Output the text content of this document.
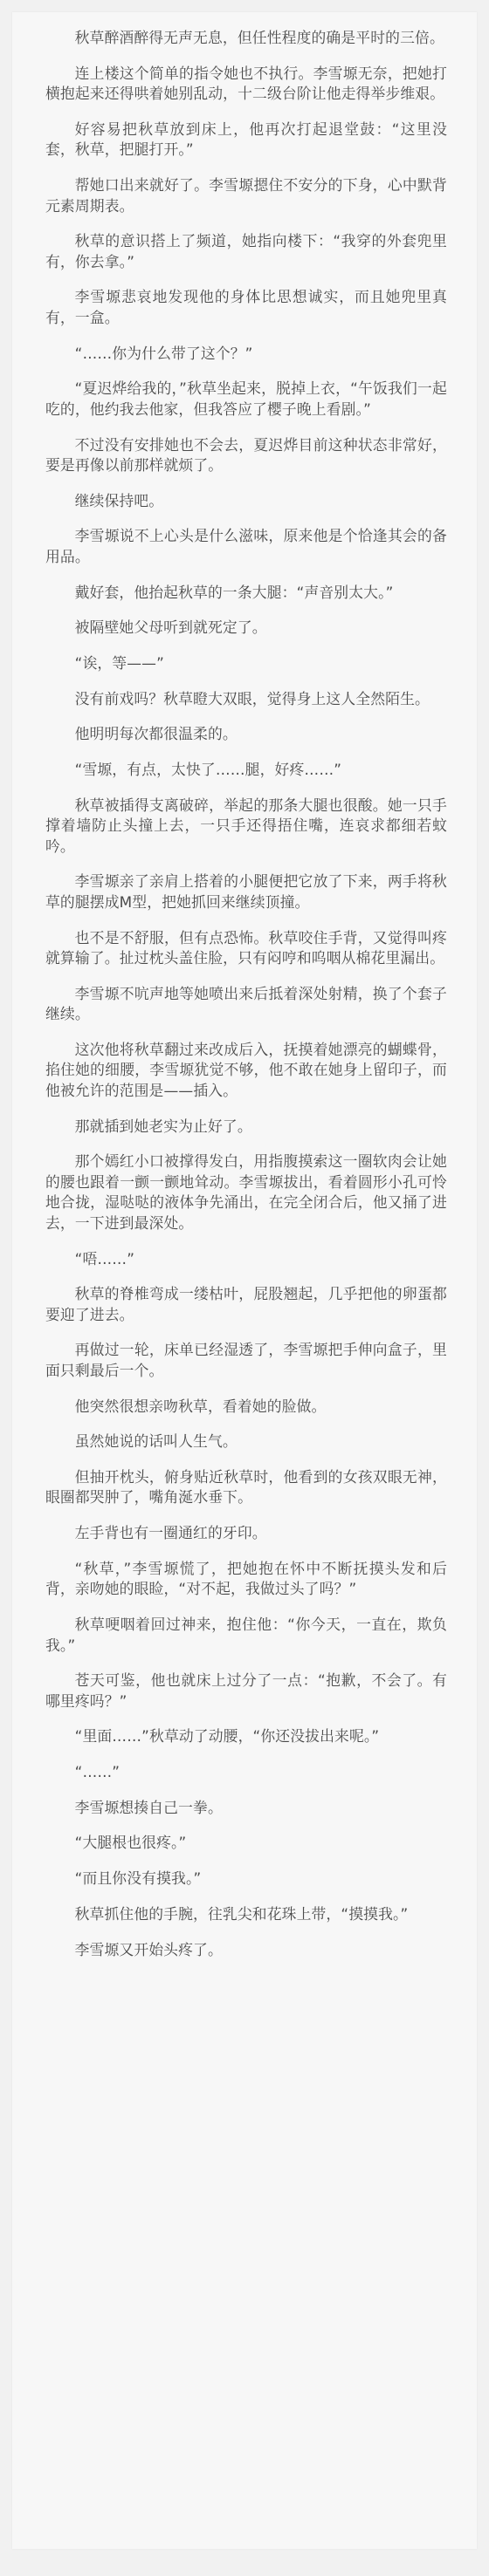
秋草醉酒醉得无声无息，但任性程度的确是平时的三倍。

连上楼这个简单的指令她也不执行。李雪塬无奈，把她打横抱起来还得哄着她别乱动，十二级台阶让他走得举步维艰。

好容易把秋草放到床上，他再次打起退堂鼓：“这里没套，秋草，把腿打开。”

帮她口出来就好了。李雪塬摁住不安分的下身，心中默背元素周期表。

秋草的意识搭上了频道，她指向楼下：“我穿的外套兜里有，你去拿。”

李雪塬悲哀地发现他的身体比思想诚实，而且她兜里真有，一盒。

“……你为什么带了这个？”

“夏迟烨给我的，”秋草坐起来，脱掉上衣，“午饭我们一起吃的，他约我去他家，但我答应了樱子晚上看剧。”

不过没有安排她也不会去，夏迟烨目前这种状态非常好，要是再像以前那样就烦了。

继续保持吧。

李雪塬说不上心头是什么滋味，原来他是个恰逢其会的备用品。

戴好套，他抬起秋草的一条大腿：“声音别太大。”

被隔壁她父母听到就死定了。

“诶，等——”

没有前戏吗？秋草瞪大双眼，觉得身上这人全然陌生。

他明明每次都很温柔的。

“雪塬，有点，太快了……腿，好疼……”

秋草被插得支离破碎，举起的那条大腿也很酸。她一只手撑着墙防止头撞上去，一只手还得捂住嘴，连哀求都细若蚊吟。

李雪塬亲了亲肩上搭着的小腿便把它放了下来，两手将秋草的腿摆成M型，把她抓回来继续顶撞。

也不是不舒服，但有点恐怖。秋草咬住手背，又觉得叫疼就算输了。扯过枕头盖住脸，只有闷哼和呜咽从棉花里漏出。

李雪塬不吭声地等她喷出来后抵着深处射精，换了个套子继续。

这次他将秋草翻过来改成后入，抚摸着她漂亮的蝴蝶骨，掐住她的细腰，李雪塬犹觉不够，他不敢在她身上留印子，而他被允许的范围是——插入。

那就插到她老实为止好了。

那个嫣红小口被撑得发白，用指腹摸索这一圈软肉会让她的腰也跟着一颤一颤地耸动。李雪塬拔出，看着圆形小孔可怜地合拢，湿哒哒的液体争先涌出，在完全闭合后，他又捅了进去，一下进到最深处。

“唔……”

秋草的脊椎弯成一缕枯叶，屁股翘起，几乎把他的卵蛋都要迎了进去。

再做过一轮，床单已经湿透了，李雪塬把手伸向盒子，里面只剩最后一个。

他突然很想亲吻秋草，看着她的脸做。

虽然她说的话叫人生气。

但抽开枕头，俯身贴近秋草时，他看到的女孩双眼无神，眼圈都哭肿了，嘴角涎水垂下。

左手背也有一圈通红的牙印。

“秋草，”李雪塬慌了，把她抱在怀中不断抚摸头发和后背，亲吻她的眼睑，“对不起，我做过头了吗？”

秋草哽咽着回过神来，抱住他：“你今天，一直在，欺负我。”

苍天可鉴，他也就床上过分了一点：“抱歉，不会了。有哪里疼吗？”

“里面……”秋草动了动腰，“你还没拔出来呢。”

“……”

李雪塬想揍自己一拳。

“大腿根也很疼。”

“而且你没有摸我。”

秋草抓住他的手腕，往乳尖和花珠上带，“摸摸我。”

李雪塬又开始头疼了。
